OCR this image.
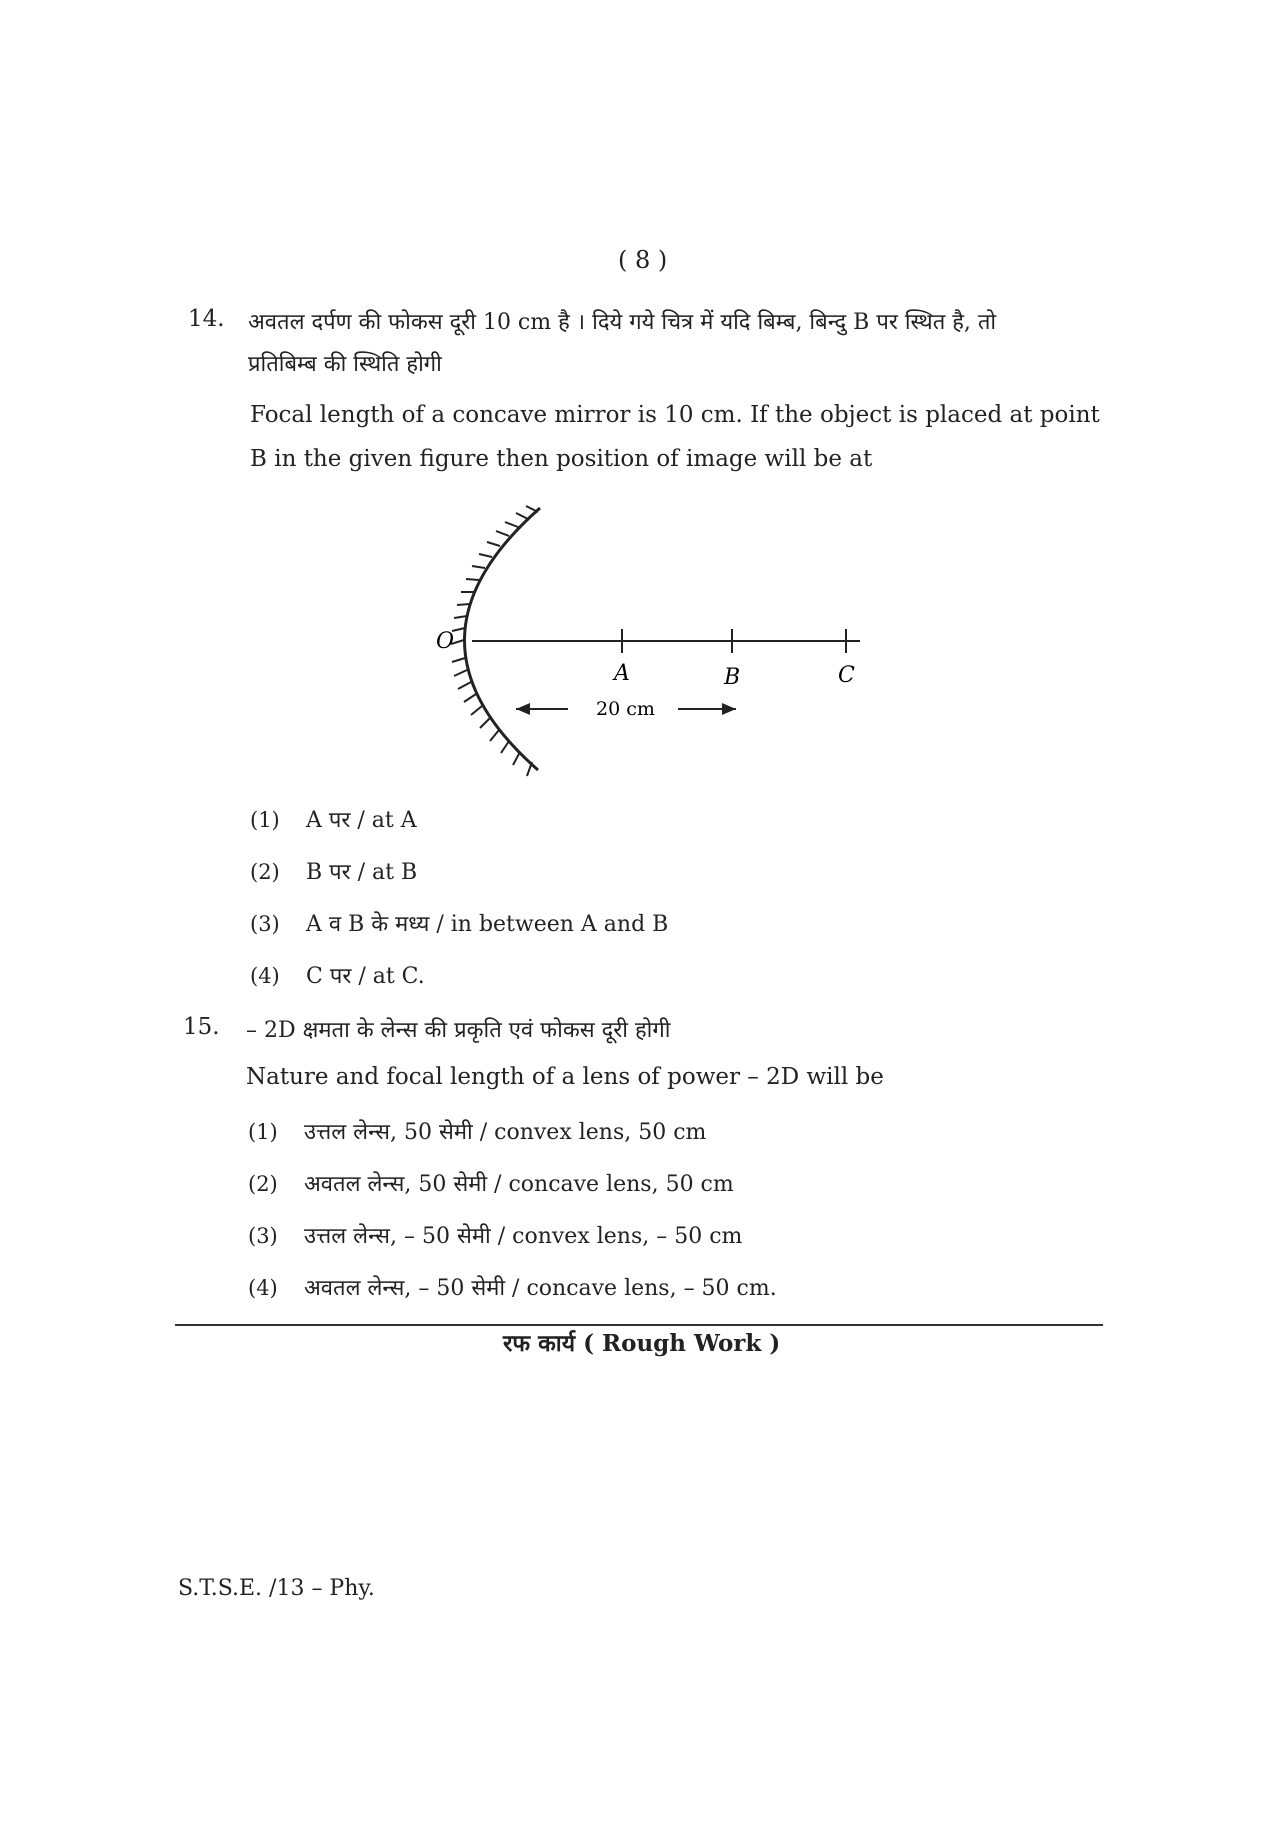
( 8 )
14. अवतल दर्पण की फोकस दूरी 10 cm है । दिये गये चित्र में यदि बिम्ब, बिन्दु B पर स्थित है, तो
प्रतिबिम्ब की स्थिति होगी
Focal length of a concave mirror is 10 cm. If the object is placed at point
B in the given figure then position of image will be at
O
A	B	C
20 cm
(1) A पर / at A
(2) B पर / at B
(3) A व B के मध्य / in between A and B
(4) C पर / at C.
15. – 2D क्षमता के लेन्स की प्रकृति एवं फोकस दूरी होगी
Nature and focal length of a lens of power – 2D will be
(1) उत्तल लेन्स, 50 सेमी / convex lens, 50 cm
(2) अवतल लेन्स, 50 सेमी / concave lens, 50 cm
(3) उत्तल लेन्स, – 50 सेमी / convex lens, – 50 cm
(4) अवतल लेन्स, – 50 सेमी / concave lens, – 50 cm.
रफ कार्य ( Rough Work )
S.T.S.E. /13 – Phy.
